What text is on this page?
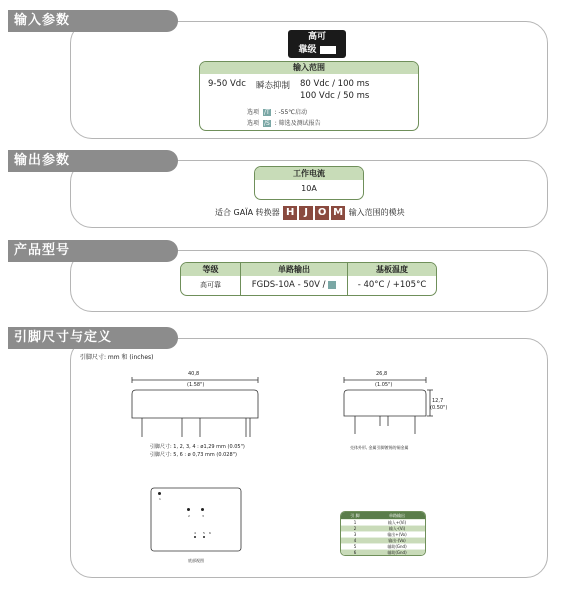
输入参数
高可
靠级
输入范围
9-50 Vdc 瞬态抑制 80 Vdc / 100 ms
100 Vdc / 50 ms
选项 /T : -55℃启动
选项 /S : 筛选及测试报告
输出参数
工作电流
10A
适合 GAÏA 转换器 H J O M 输入范围的模块
产品型号
等级	单路输出	基板温度
高可靠	FGDS-10A - 50V /	- 40°C / +105°C
引脚尺寸与定义
引脚尺寸: mm 和 (inches)
40,8
(1.58")
26,8
(1.05")
12,7
(0.50")
引脚尺寸: 1, 2, 3, 4 : ø1,29 mm (0.05")
引脚尺寸: 5, 6 : ø 0,73 mm (0.028")
壳体外形, 金属引脚镀锡的铜金属
1
2	3
4 5 6
底部视图
引 脚	单路输出
1	输入+(Vi)
2	输入-(Vi)
3	输出+(Vo)
4	输出-(Vo)
5	辅助(Gnd)
6	辅助(Gnd)
